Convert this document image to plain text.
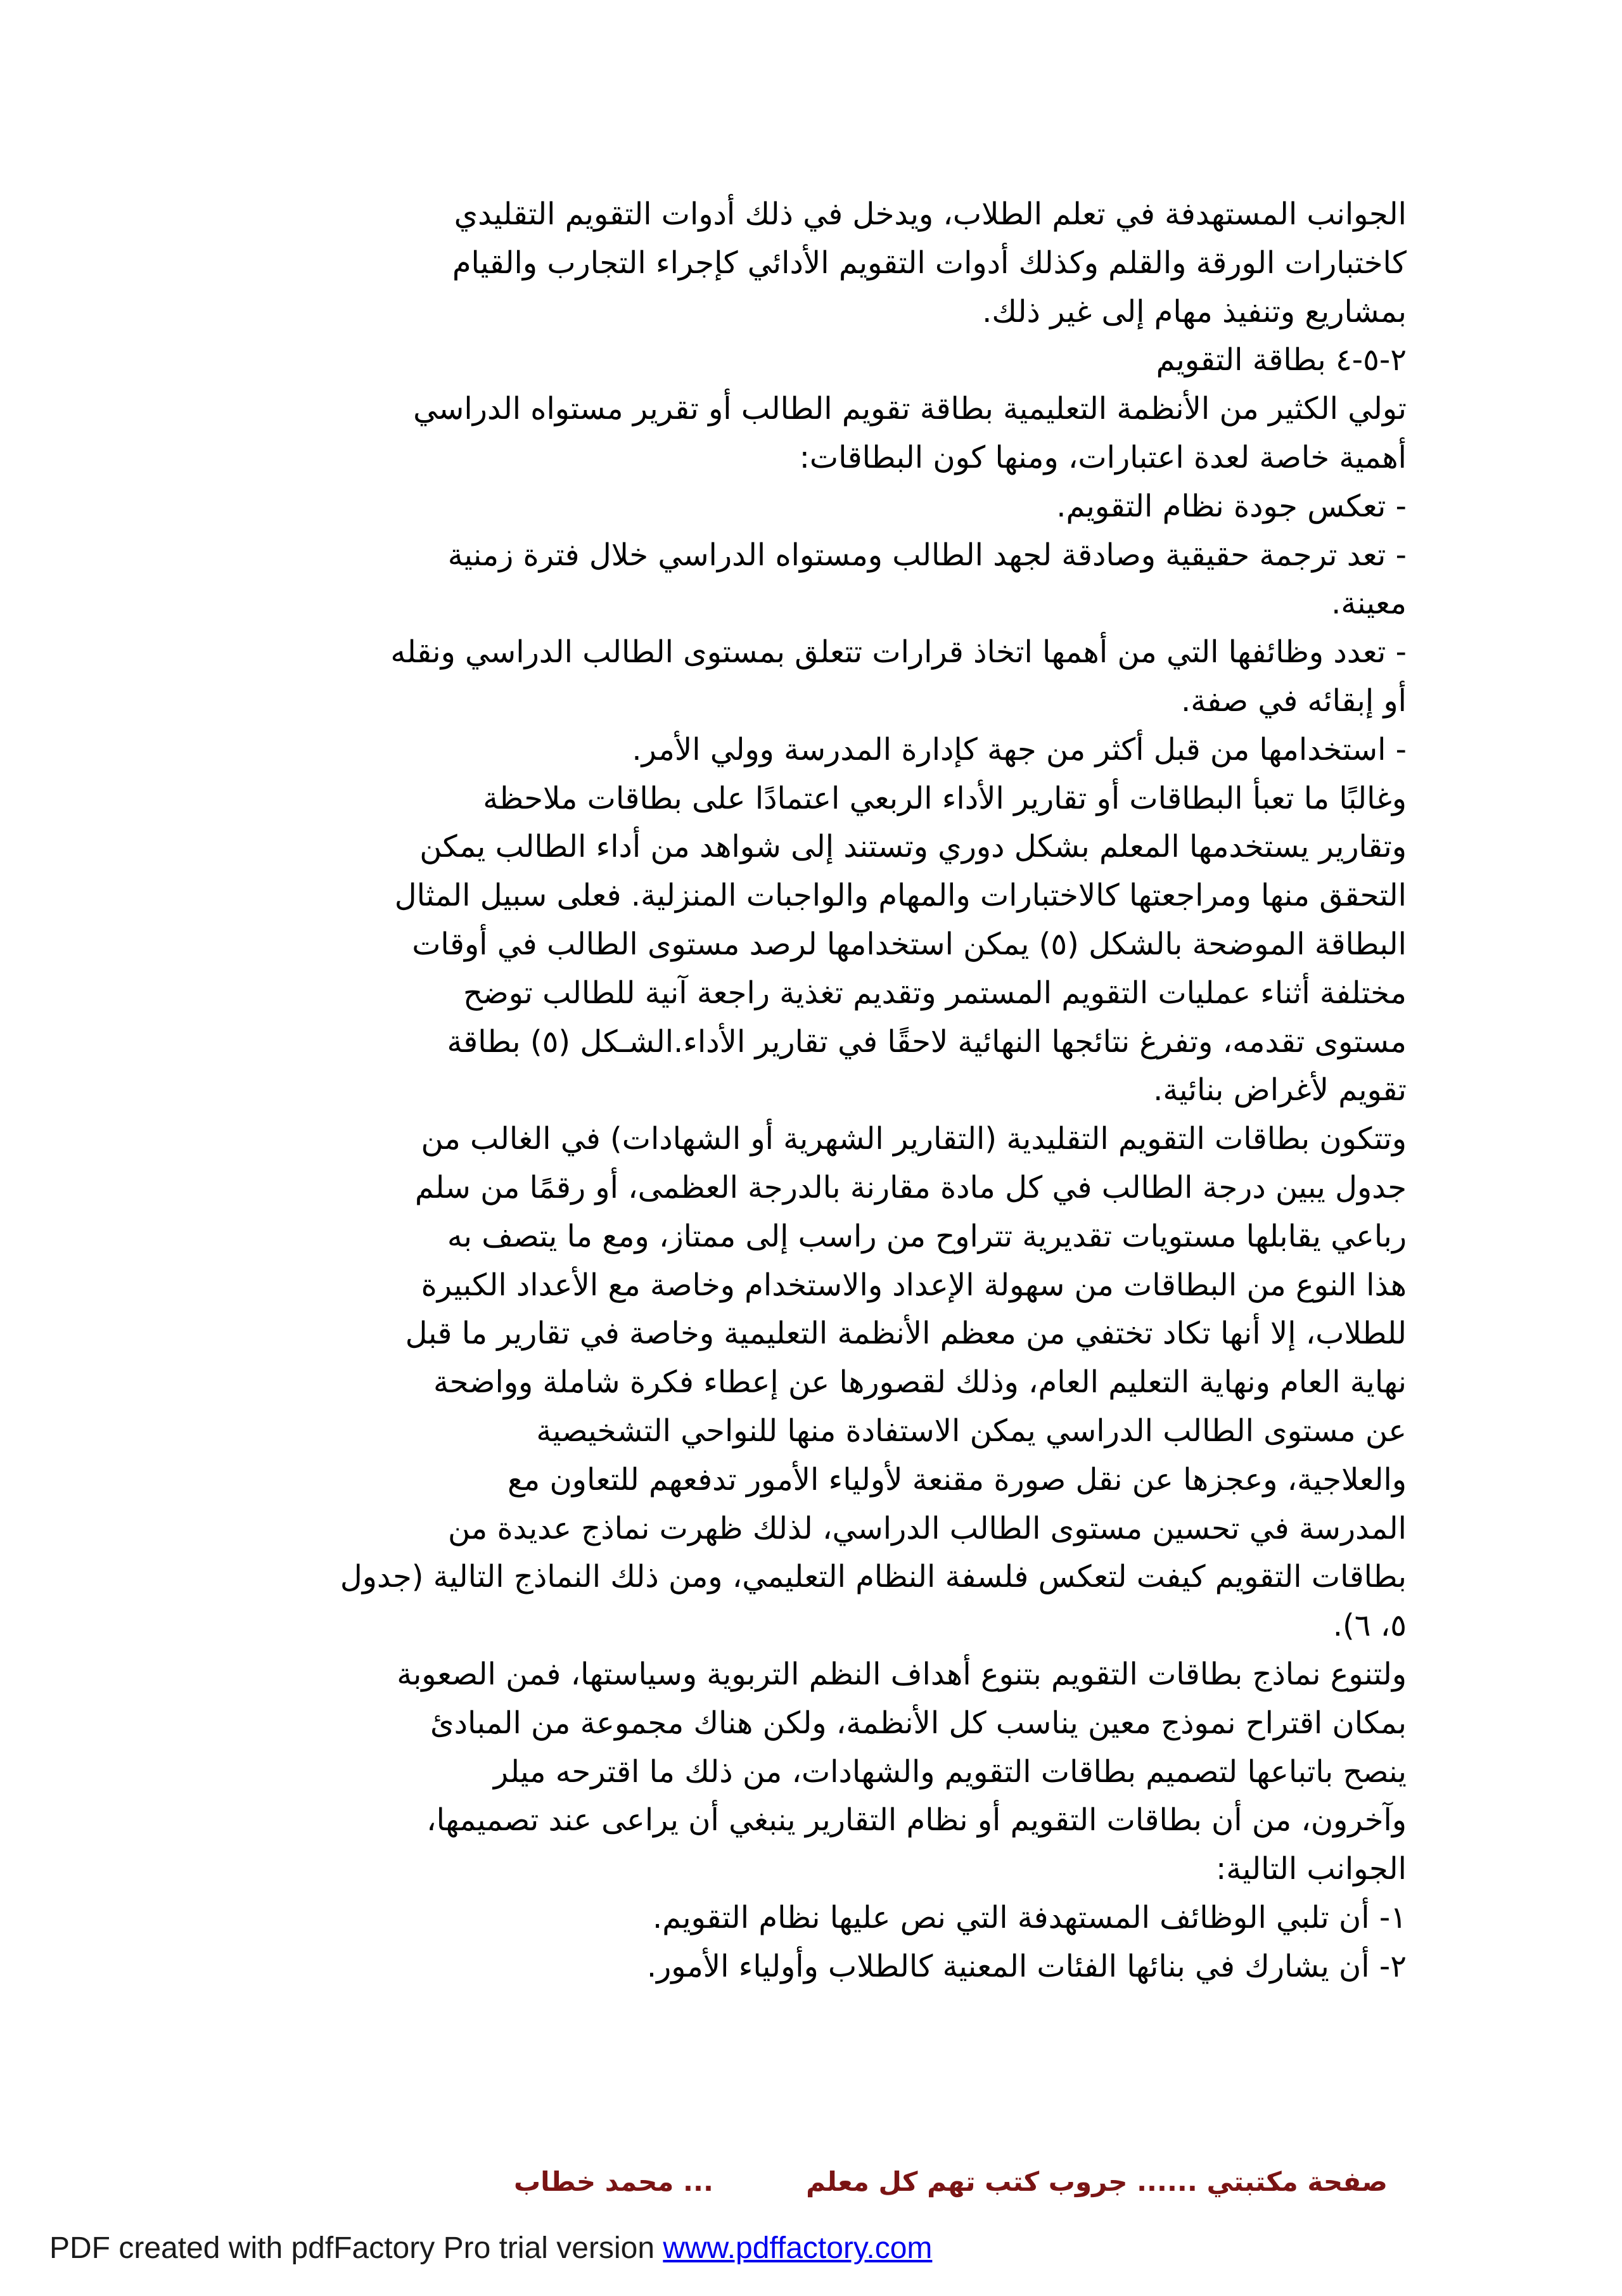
الجوانب المستهدفة في تعلم الطلاب، ويدخل في ذلك أدوات التقويم التقليدي
كاختبارات الورقة والقلم وكذلك أدوات التقويم الأدائي كإجراء التجارب والقيام
بمشاريع وتنفيذ مهام إلى غير ذلك.
٢-٥-٤ بطاقة التقويم
تولي الكثير من الأنظمة التعليمية بطاقة تقويم الطالب أو تقرير مستواه الدراسي
أهمية خاصة لعدة اعتبارات، ومنها كون البطاقات:
- تعكس جودة نظام التقويم.
- تعد ترجمة حقيقية وصادقة لجهد الطالب ومستواه الدراسي خلال فترة زمنية
معينة.
- تعدد وظائفها التي من أهمها اتخاذ قرارات تتعلق بمستوى الطالب الدراسي ونقله
أو إبقائه في صفة.
- استخدامها من قبل أكثر من جهة كإدارة المدرسة وولي الأمر.
وغالبًا ما تعبأ البطاقات أو تقارير الأداء الربعي اعتمادًا على بطاقات ملاحظة
وتقارير يستخدمها المعلم بشكل دوري وتستند إلى شواهد من أداء الطالب يمكن
التحقق منها ومراجعتها كالاختبارات والمهام والواجبات المنزلية. فعلى سبيل المثال
البطاقة الموضحة بالشكل (٥) يمكن استخدامها لرصد مستوى الطالب في أوقات
مختلفة أثناء عمليات التقويم المستمر وتقديم تغذية راجعة آنية للطالب توضح
مستوى تقدمه، وتفرغ نتائجها النهائية لاحقًا في تقارير الأداء.الشـكل (٥) بطاقة
تقويم لأغراض بنائية.
وتتكون بطاقات التقويم التقليدية (التقارير الشهرية أو الشهادات) في الغالب من
جدول يبين درجة الطالب في كل مادة مقارنة بالدرجة العظمى، أو رقمًا من سلم
رباعي يقابلها مستويات تقديرية تتراوح من راسب إلى ممتاز، ومع ما يتصف به
هذا النوع من البطاقات من سهولة الإعداد والاستخدام وخاصة مع الأعداد الكبيرة
للطلاب، إلا أنها تكاد تختفي من معظم الأنظمة التعليمية وخاصة في تقارير ما قبل
نهاية العام ونهاية التعليم العام، وذلك لقصورها عن إعطاء فكرة شاملة وواضحة
عن مستوى الطالب الدراسي يمكن الاستفادة منها للنواحي التشخيصية
والعلاجية، وعجزها عن نقل صورة مقنعة لأولياء الأمور تدفعهم للتعاون مع
المدرسة في تحسين مستوى الطالب الدراسي، لذلك ظهرت نماذج عديدة من
بطاقات التقويم كيفت لتعكس فلسفة النظام التعليمي، ومن ذلك النماذج التالية (جدول
٥، ٦).
ولتنوع نماذج بطاقات التقويم بتنوع أهداف النظم التربوية وسياستها، فمن الصعوبة
بمكان اقتراح نموذج معين يناسب كل الأنظمة، ولكن هناك مجموعة من المبادئ
ينصح باتباعها لتصميم بطاقات التقويم والشهادات، من ذلك ما اقترحه ميلر
وآخرون، من أن بطاقات التقويم أو نظام التقارير ينبغي أن يراعى عند تصميمها،
الجوانب التالية:
١- أن تلبي الوظائف المستهدفة التي نص عليها نظام التقويم.
٢- أن يشارك في بنائها الفئات المعنية كالطلاب وأولياء الأمور.
صفحة مكتبتي ...... جروب كتب تهم كل معلم          ... محمد خطاب
PDF created with pdfFactory Pro trial version www.pdffactory.com
